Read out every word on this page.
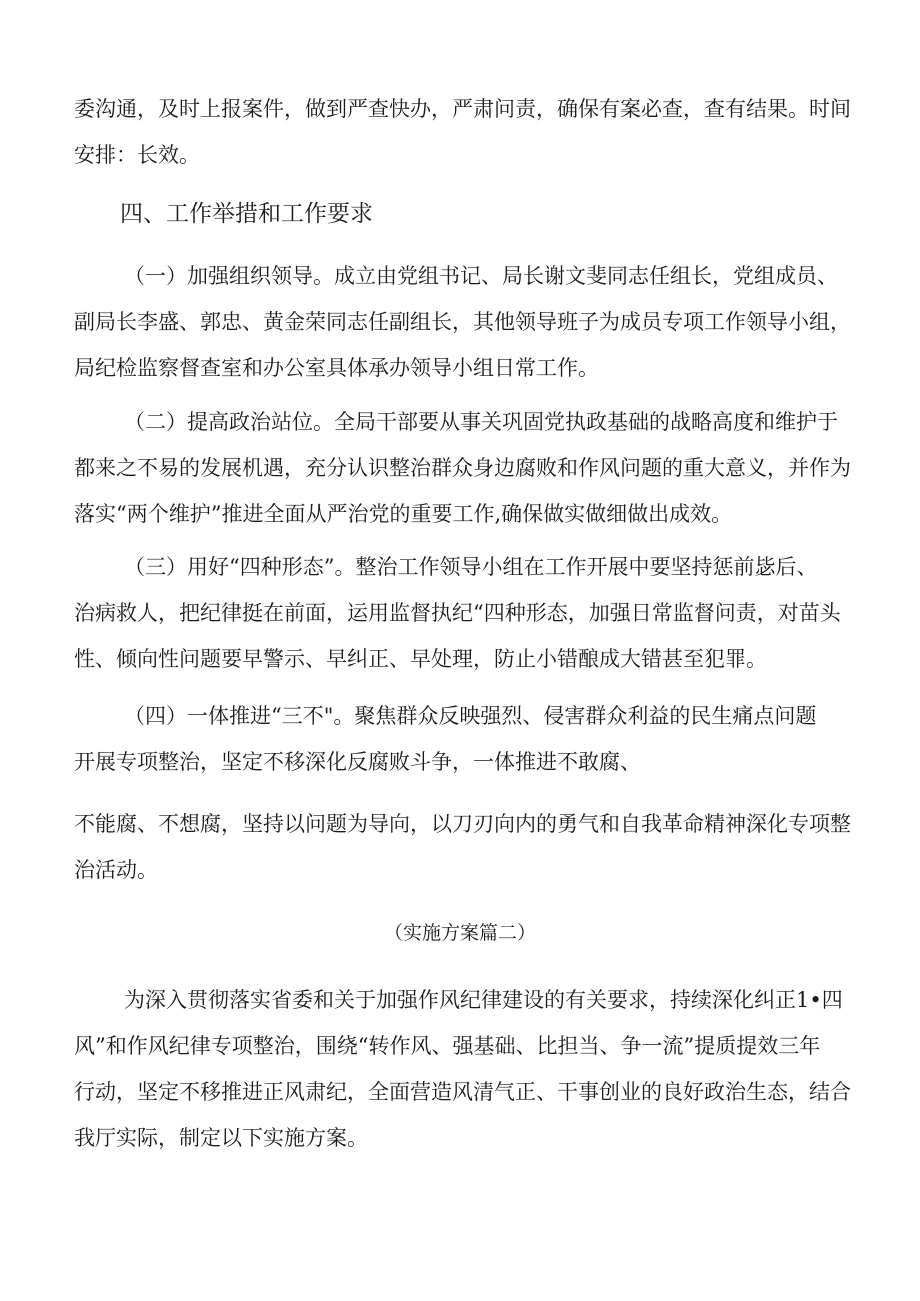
委沟通，及时上报案件，做到严查快办，严肃问责，确保有案必查，查有结果。时间
安排：长效。

四、工作举措和工作要求

（一）加强组织领导。成立由党组书记、局长谢文斐同志任组长，党组成员、
副局长李盛、郭忠、黄金荣同志任副组长，其他领导班子为成员专项工作领导小组，
局纪检监察督查室和办公室具体承办领导小组日常工作。

（二）提高政治站位。全局干部要从事关巩固党执政基础的战略高度和维护于
都来之不易的发展机遇，充分认识整治群众身边腐败和作风问题的重大意义，并作为
落实“两个维护”推进全面从严治党的重要工作,确保做实做细做出成效。

（三）用好“四种形态”。整治工作领导小组在工作开展中要坚持惩前毖后、
治病救人，把纪律挺在前面，运用监督执纪“四种形态，加强日常监督问责，对苗头
性、倾向性问题要早警示、早纠正、早处理，防止小错酿成大错甚至犯罪。

（四）一体推进“三不"。聚焦群众反映强烈、侵害群众利益的民生痛点问题
开展专项整治，坚定不移深化反腐败斗争，一体推进不敢腐、

不能腐、不想腐，坚持以问题为导向，以刀刃向内的勇气和自我革命精神深化专项整
治活动。

（实施方案篇二）

为深入贯彻落实省委和关于加强作风纪律建设的有关要求，持续深化纠正1•四
风”和作风纪律专项整治，围绕“转作风、强基础、比担当、争一流”提质提效三年
行动，坚定不移推进正风肃纪，全面营造风清气正、干事创业的良好政治生态，结合
我厅实际，制定以下实施方案。
